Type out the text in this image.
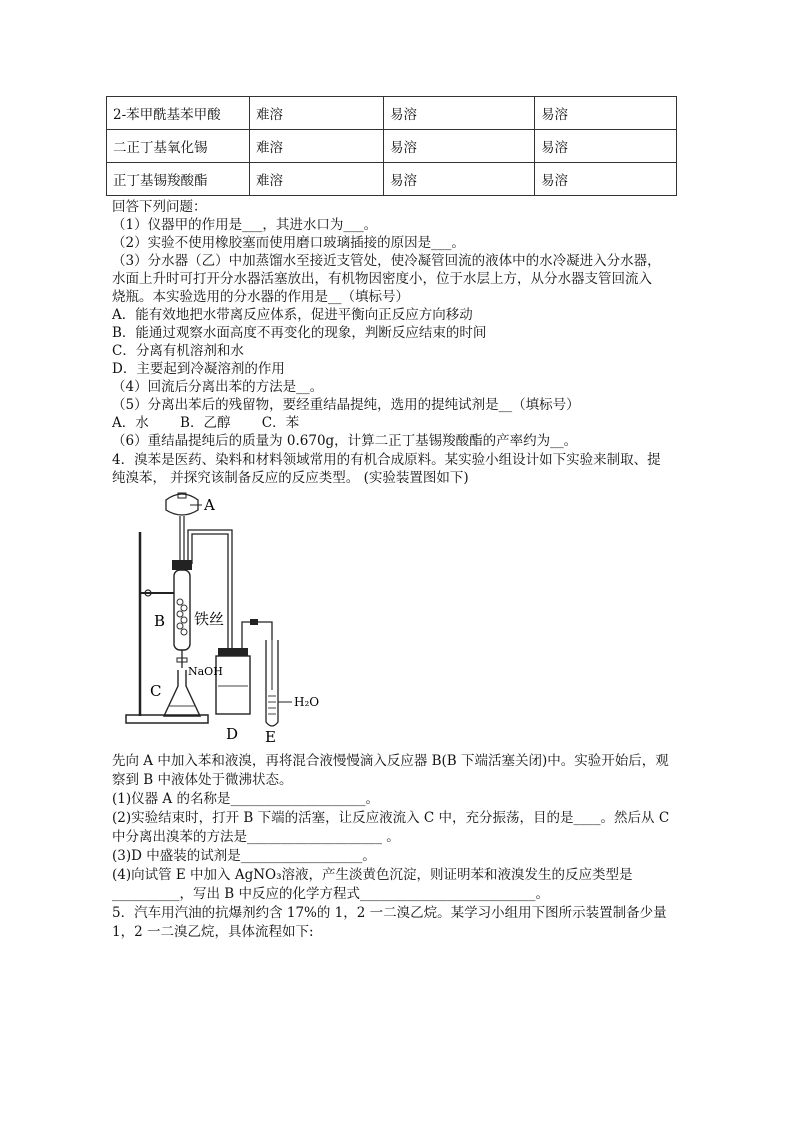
2-苯甲酰基苯甲酸	难溶	易溶	易溶
二正丁基氧化锡	难溶	易溶	易溶
正丁基锡羧酸酯	难溶	易溶	易溶
回答下列问题：
（1）仪器甲的作用是___，其进水口为___。
（2）实验不使用橡胶塞而使用磨口玻璃插接的原因是___。
（3）分水器（乙）中加蒸馏水至接近支管处，使冷凝管回流的液体中的水冷凝进入分水器，
水面上升时可打开分水器活塞放出，有机物因密度小，位于水层上方，从分水器支管回流入
烧瓶。本实验选用的分水器的作用是__（填标号）
A．能有效地把水带离反应体系，促进平衡向正反应方向移动
B．能通过观察水面高度不再变化的现象，判断反应结束的时间
C．分离有机溶剂和水
D．主要起到冷凝溶剂的作用
（4）回流后分离出苯的方法是__。
（5）分离出苯后的残留物，要经重结晶提纯，选用的提纯试剂是__（填标号）
A．水　　 B．乙醇　　 C．苯
（6）重结晶提纯后的质量为 0.670g，计算二正丁基锡羧酸酯的产率约为__。
4．溴苯是医药、染料和材料领域常用的有机合成原料。某实验小组设计如下实验来制取、提
纯溴苯， 并探究该制备反应的反应类型。 (实验装置图如下)
A
B 铁丝
NaOH
C
D E
H₂O
先向 A 中加入苯和液溴，再将混合液慢慢滴入反应器 B(B 下端活塞关闭)中。实验开始后，观
察到 B 中液体处于微沸状态。
(1)仪器 A 的名称是____________________。
(2)实验结束时，打开 B 下端的活塞，让反应液流入 C 中，充分振荡，目的是____。然后从 C
中分离出溴苯的方法是____________________ 。
(3)D 中盛装的试剂是__________________。
(4)向试管 E 中加入 AgNO₃溶液，产生淡黄色沉淀，则证明苯和液溴发生的反应类型是
__________，写出 B 中反应的化学方程式__________________________。
5．汽车用汽油的抗爆剂约含 17%的 1，2 一二溴乙烷。某学习小组用下图所示装置制备少量
1，2 一二溴乙烷，具体流程如下:
